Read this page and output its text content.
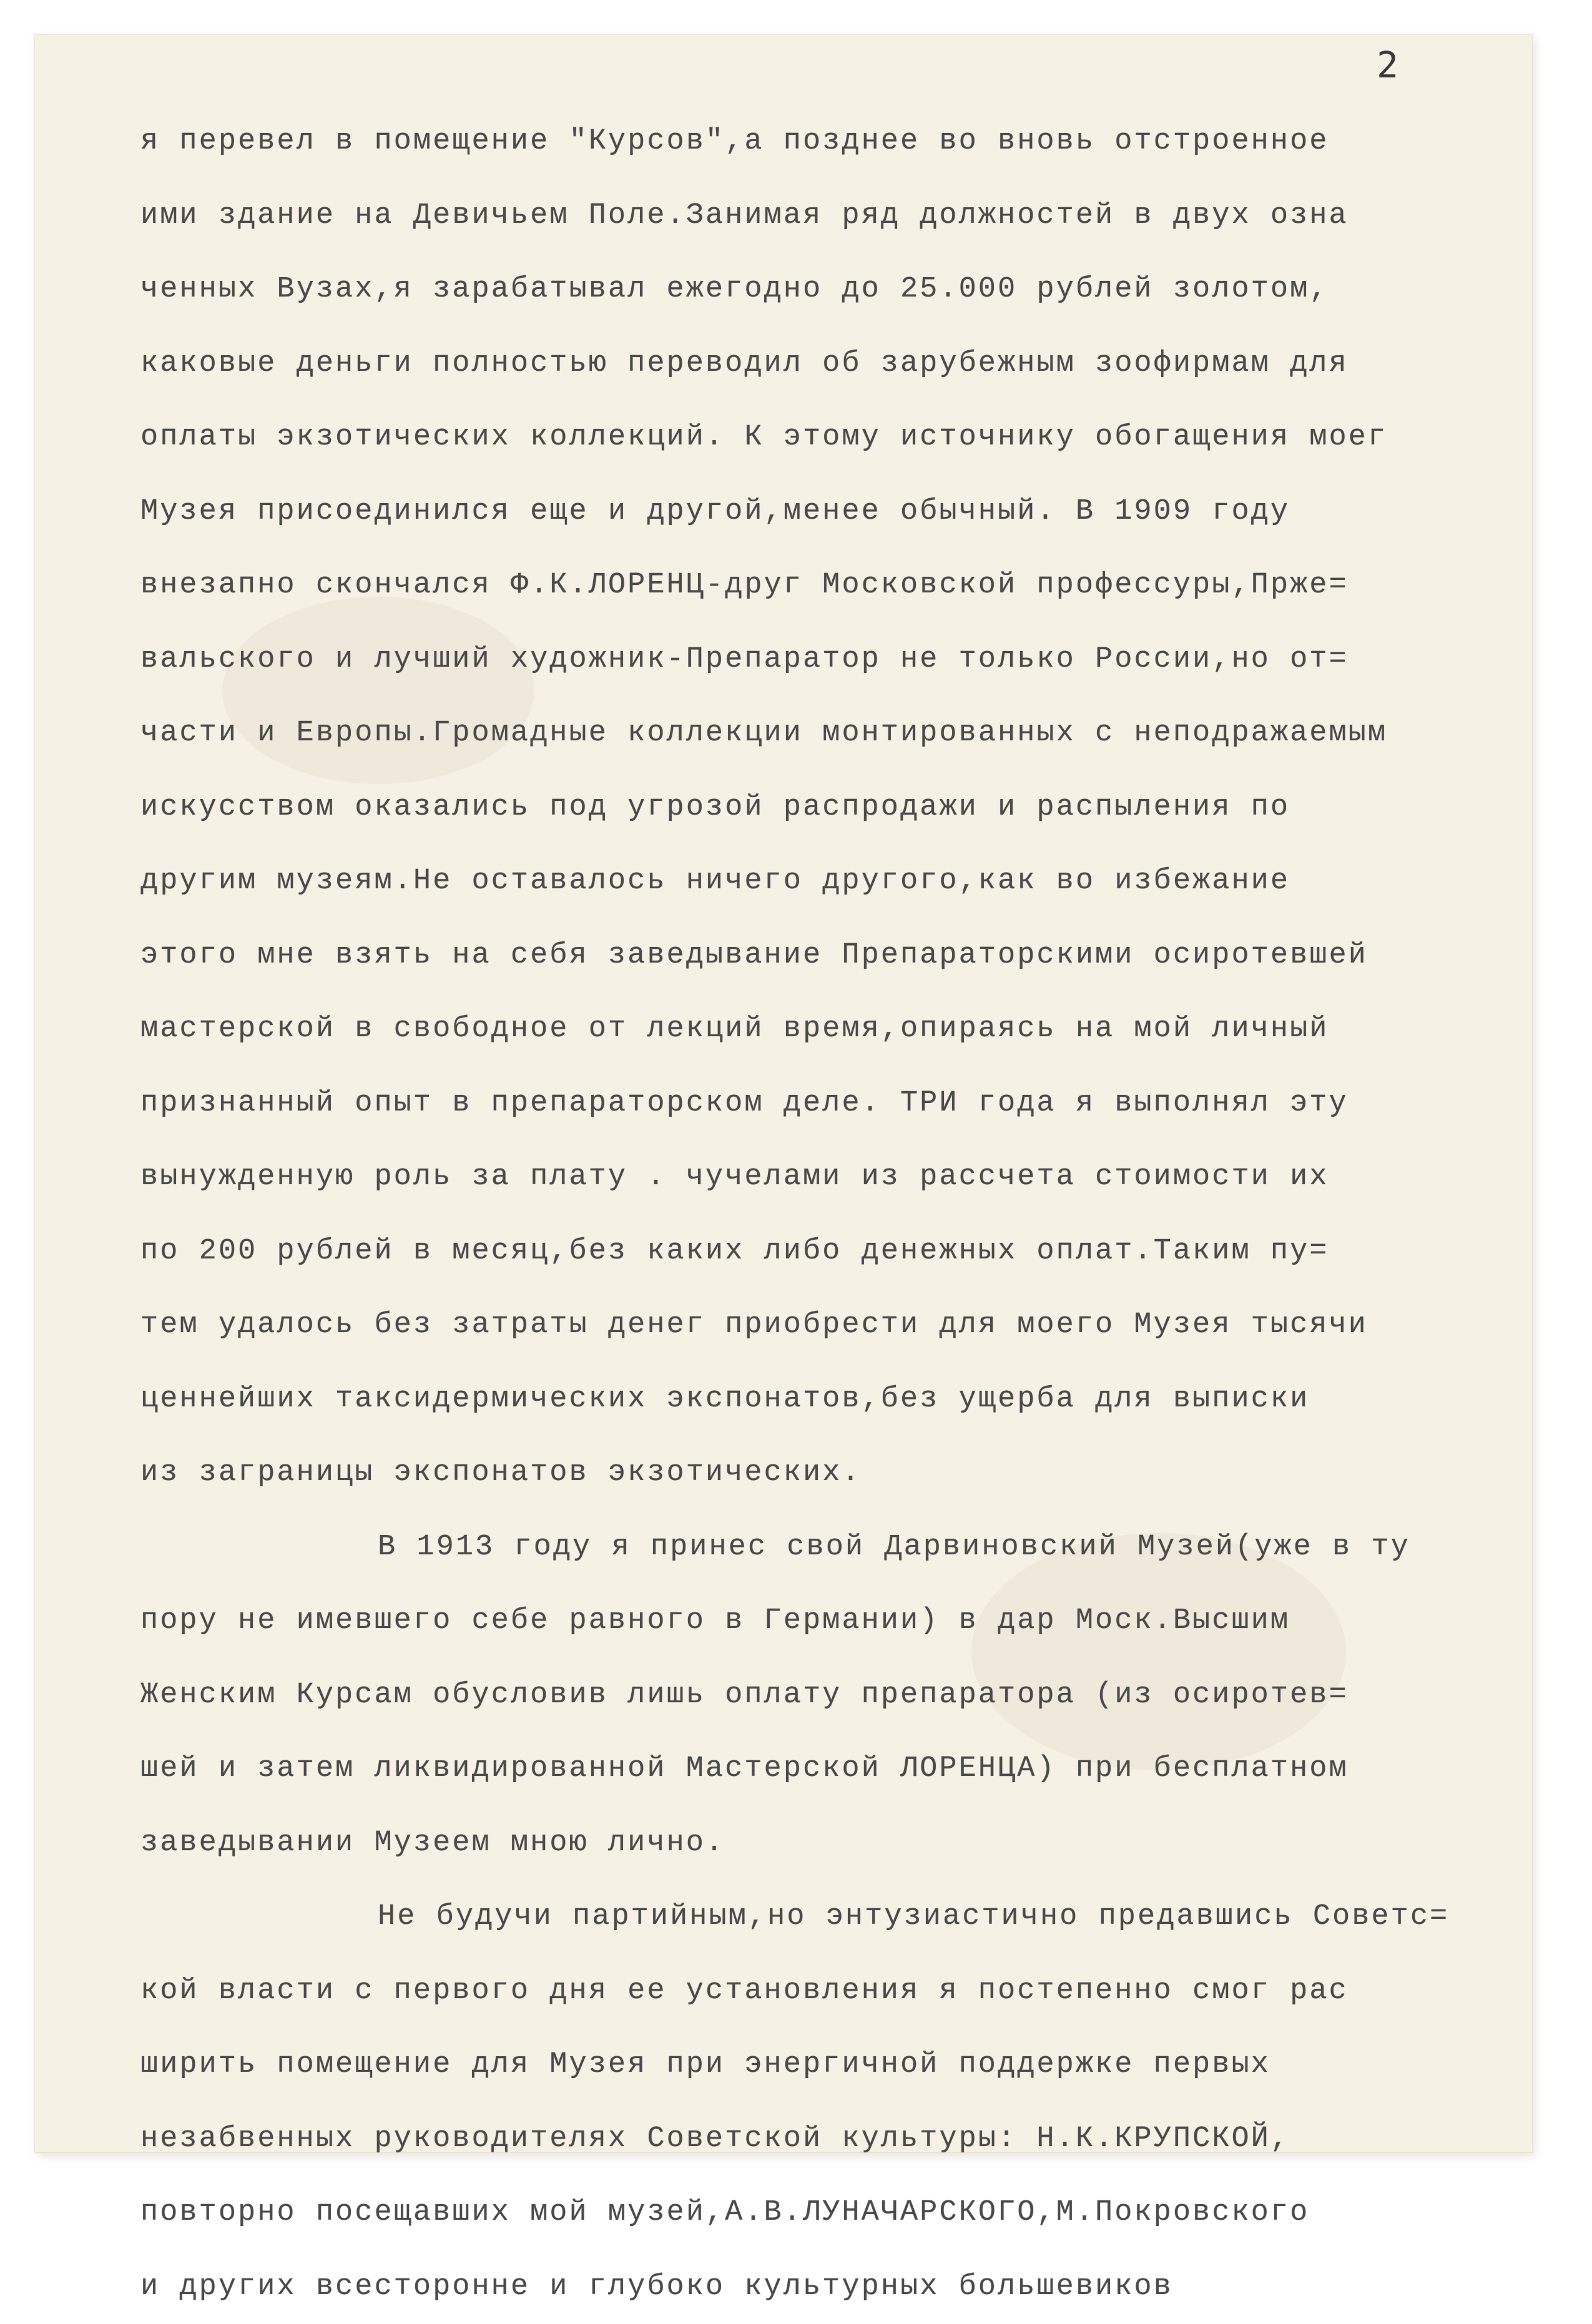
2
я перевел в помещение "Курсов",а позднее во вновь отстроенное
ими здание на Девичьем Поле.Занимая ряд должностей в двух озна
ченных Вузах,я зарабатывал ежегодно до 25.000 рублей золотом,
каковые деньги полностью переводил об зарубежным зоофирмам для
оплаты экзотических коллекций. К этому источнику обогащения моег
Музея присоединился еще и другой,менее обычный. В 1909 году
внезапно скончался Ф.К.ЛОРЕНЦ-друг Московской профессуры,Прже=
вальского и лучший художник-Препаратор не только России,но от=
части и Европы.Громадные коллекции монтированных с неподражаемым
искусством оказались под угрозой распродажи и распыления по
другим музеям.Не оставалось ничего другого,как во избежание
этого мне взять на себя заведывание Препараторскими осиротевшей
мастерской в свободное от лекций время,опираясь на мой личный
признанный опыт в препараторском деле. ТРИ года я выполнял эту
вынужденную роль за плату . чучелами из рассчета стоимости их
по 200 рублей в месяц,без каких либо денежных оплат.Таким пу=
тем удалось без затраты денег приобрести для моего Музея тысячи
ценнейших таксидермических экспонатов,без ущерба для выписки
из заграницы экспонатов экзотических.
В 1913 году я принес свой Дарвиновский Музей(уже в ту
пору не имевшего себе равного в Германии) в дар Моск.Высшим
Женским Курсам обусловив лишь оплату препаратора (из осиротев=
шей и затем ликвидированной Мастерской ЛОРЕНЦА) при бесплатном
заведывании Музеем мною лично.
Не будучи партийным,но энтузиастично предавшись Советс=
кой власти с первого дня ее установления я постепенно смог рас
ширить помещение для Музея при энергичной поддержке первых
незабвенных руководителях Советской культуры: Н.К.КРУПСКОЙ,
повторно посещавших мой музей,А.В.ЛУНАЧАРСКОГО,М.Покровского
и других всесторонне и глубоко культурных большевиков
